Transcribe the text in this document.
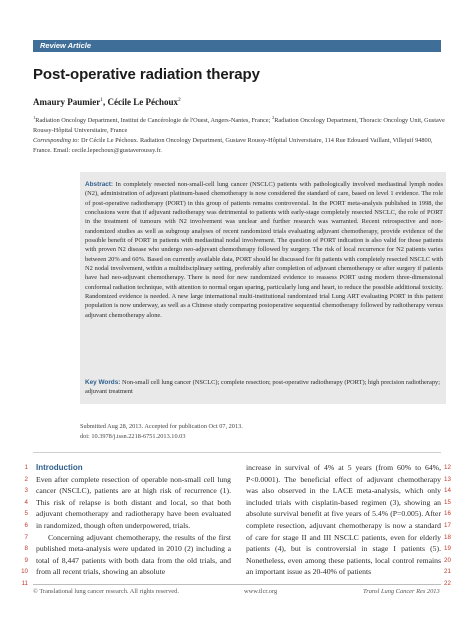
Review Article
Post-operative radiation therapy
Amaury Paumier$^1$, Cécile Le Péchoux$^2$
$^1$Radiation Oncology Department, Institut de Cancérologie de l'Ouest, Angers-Nantes, France; $^2$Radiation Oncology Department, Thoracic Oncology Unit, Gustave Roussy-Hôpital Universitaire, France
Corresponding to: Dr Cécile Le Péchoux. Radiation Oncology Department, Gustave Roussy-Hôpital Universitaire, 114 Rue Edouard Vaillant, Villejuif 94800, France. Email: cecile.lepechoux@gustaveroussy.fr.
Abstract: In completely resected non-small-cell lung cancer (NSCLC) patients with pathologically involved mediastinal lymph nodes (N2), administration of adjuvant platinum-based chemotherapy is now considered the standard of care, based on level 1 evidence. The role of post-operative radiotherapy (PORT) in this group of patients remains controversial. In the PORT meta-analysis published in 1998, the conclusions were that if adjuvant radiotherapy was detrimental to patients with early-stage completely resected NSCLC, the role of PORT in the treatment of tumours with N2 involvement was unclear and further research was warranted. Recent retrospective and non-randomized studies as well as subgroup analyses of recent randomized trials evaluating adjuvant chemotherapy, provide evidence of the possible benefit of PORT in patients with mediastinal nodal involvement. The question of PORT indication is also valid for those patients with proven N2 disease who undergo neo-adjuvant chemotherapy followed by surgery. The risk of local recurrence for N2 patients varies between 20% and 60%. Based on currently available data, PORT should be discussed for fit patients with completely resected NSCLC with N2 nodal involvement, within a multidisciplinary setting, preferably after completion of adjuvant chemotherapy or after surgery if patients have had neo-adjuvant chemotherapy. There is need for new randomized evidence to reassess PORT using modern three-dimensional conformal radiation technique, with attention to normal organ sparing, particularly lung and heart, to reduce the possible additional toxicity. Randomized evidence is needed. A new large international multi-institutional randomized trial Lung ART evaluating PORT in this patient population is now underway, as well as a Chinese study comparing postoperative sequential chemotherapy followed by radiotherapy versus adjuvant chemotherapy alone.
Key Words: Non-small cell lung cancer (NSCLC); complete resection; post-operative radiotherapy (PORT); high precision radiotherapy; adjuvant treatment
Submitted Aug 28, 2013. Accepted for publication Oct 07, 2013.
doi: 10.3978/j.issn.2218-6751.2013.10.03
1
2
3
4
5
6
7
8
9
10
11
Introduction

Even after complete resection of operable non-small cell lung cancer (NSCLC), patients are at high risk of recurrence (1). This risk of relapse is both distant and local, so that both adjuvant chemotherapy and radiotherapy have been evaluated in randomized, though often underpowered, trials.

Concerning adjuvant chemotherapy, the results of the first published meta-analysis were updated in 2010 (2) including a total of 8,447 patients with both data from the old trials, and from all recent trials, showing an absolute

increase in survival of 4% at 5 years (from 60% to 64%, P<0.0001). The beneficial effect of adjuvant chemotherapy was also observed in the LACE meta-analysis, which only included trials with cisplatin-based regimen (3), showing an absolute survival benefit at five years of 5.4% (P=0.005). After complete resection, adjuvant chemotherapy is now a standard of care for stage II and III NSCLC patients, even for elderly patients (4), but is controversial in stage I patients (5). Nonetheless, even among these patients, local control remains an important issue as 20-40% of patients

12
13
14
15
16
17
18
19
20
21
22
© Translational lung cancer research. All rights reserved.	www.tlcr.org	Transl Lung Cancer Res 2013
